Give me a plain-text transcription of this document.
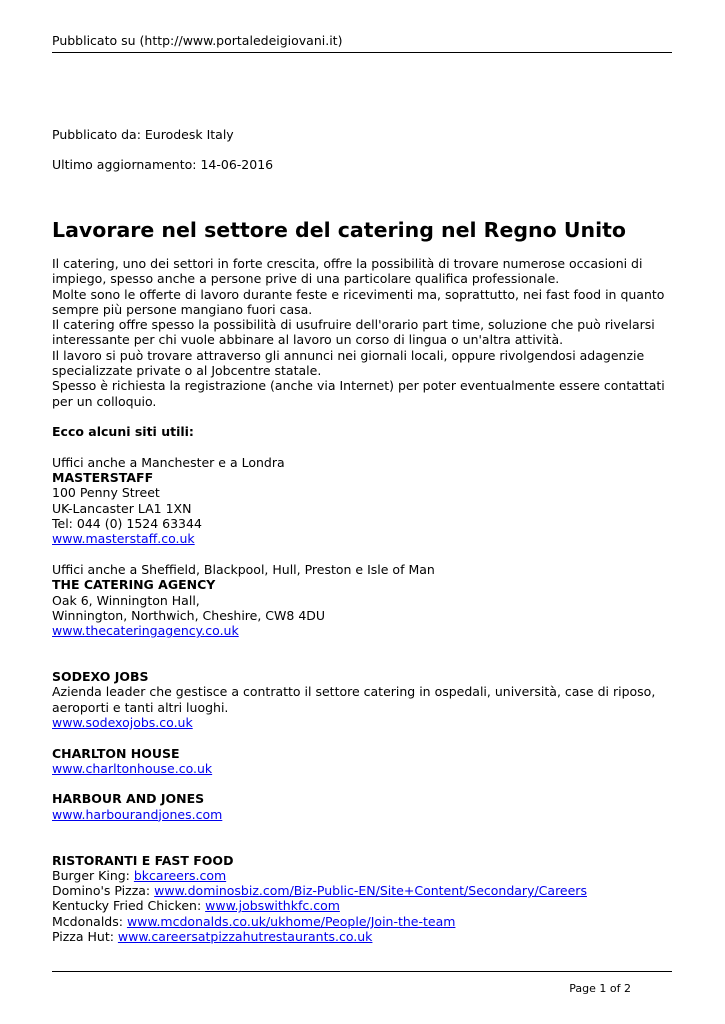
Pubblicato su (http://www.portaledeigiovani.it)
Pubblicato da: Eurodesk Italy
Ultimo aggiornamento: 14-06-2016
Lavorare nel settore del catering nel Regno Unito

Il catering, uno dei settori in forte crescita, offre la possibilità di trovare numerose occasioni di impiego, spesso anche a persone prive di una particolare qualifica professionale.

Molte sono le offerte di lavoro durante feste e ricevimenti ma, soprattutto, nei fast food in quanto sempre più persone mangiano fuori casa.

Il catering offre spesso la possibilità di usufruire dell'orario part time, soluzione che può rivelarsi interessante per chi vuole abbinare al lavoro un corso di lingua o un'altra attività.

Il lavoro si può trovare attraverso gli annunci nei giornali locali, oppure rivolgendosi adagenzie specializzate private o al Jobcentre statale.

Spesso è richiesta la registrazione (anche via Internet) per poter eventualmente essere contattati per un colloquio.

Ecco alcuni siti utili:

Uffici anche a Manchester e a Londra

MASTERSTAFF

100 Penny Street

UK-Lancaster LA1 1XN

Tel: 044 (0) 1524 63344

www.masterstaff.co.uk

Uffici anche a Sheffield, Blackpool, Hull, Preston e Isle of Man

THE CATERING AGENCY

Oak 6, Winnington Hall,

Winnington, Northwich, Cheshire, CW8 4DU

www.thecateringagency.co.uk

SODEXO JOBS

Azienda leader che gestisce a contratto il settore catering in ospedali, università, case di riposo, aeroporti e tanti altri luoghi.

www.sodexojobs.co.uk

CHARLTON HOUSE

www.charltonhouse.co.uk

HARBOUR AND JONES

www.harbourandjones.com

RISTORANTI E FAST FOOD

Burger King: bkcareers.com

Domino's Pizza: www.dominosbiz.com/Biz-Public-EN/Site+Content/Secondary/Careers

Kentucky Fried Chicken: www.jobswithkfc.com

Mcdonalds: www.mcdonalds.co.uk/ukhome/People/Join-the-team

Pizza Hut: www.careersatpizzahutrestaurants.co.uk

Page 1 of 2
